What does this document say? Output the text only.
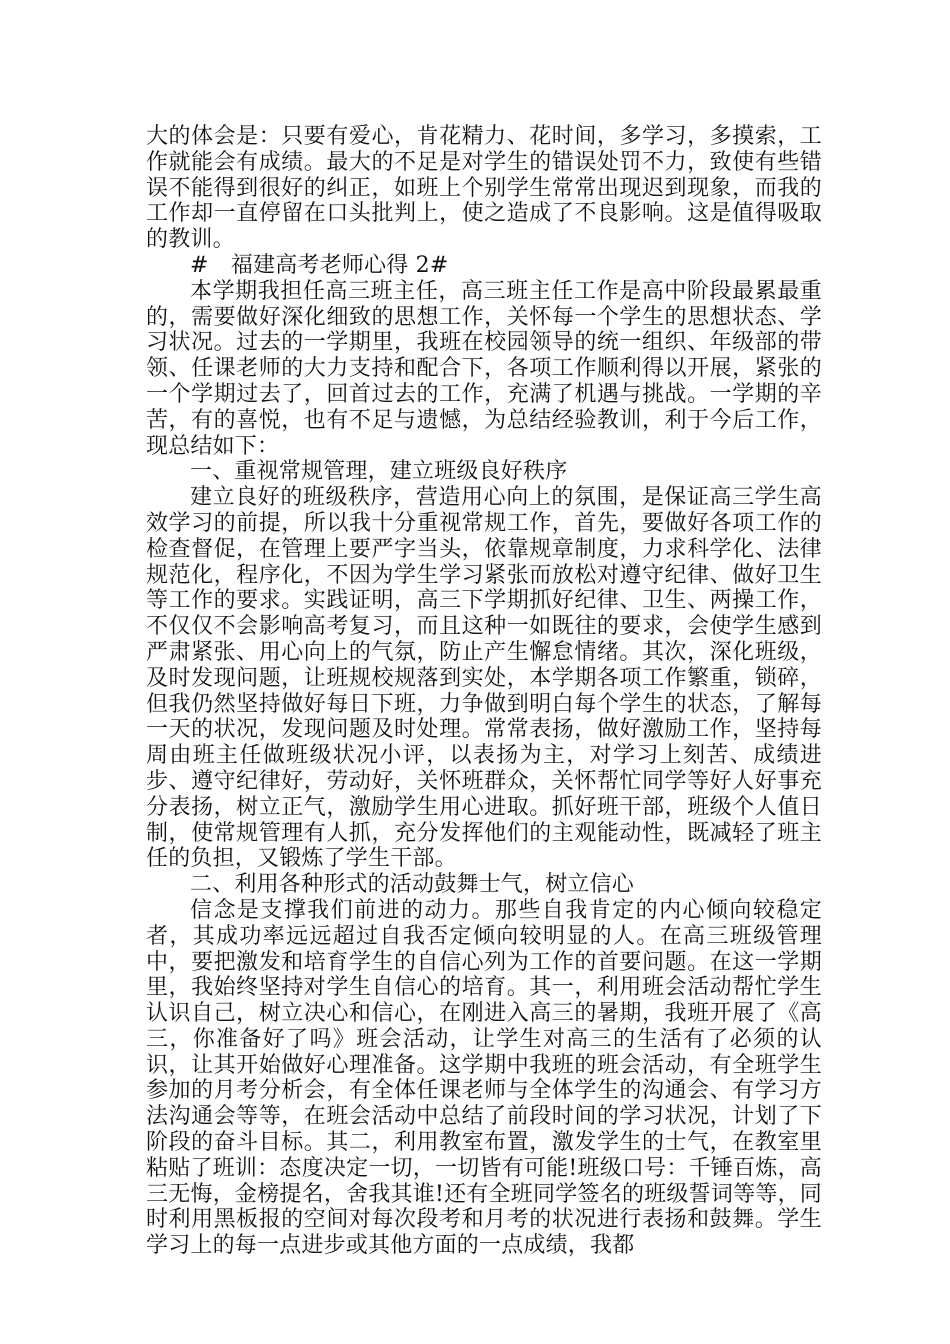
大的体会是：只要有爱心，肯花精力、花时间，多学习，多摸索，工作就能会有成绩。最大的不足是对学生的错误处罚不力，致使有些错误不能得到很好的纠正，如班上个别学生常常出现迟到现象，而我的工作却一直停留在口头批判上，使之造成了不良影响。这是值得吸取的教训。

#　福建高考老师心得 2#

本学期我担任高三班主任，高三班主任工作是高中阶段最累最重的，需要做好深化细致的思想工作，关怀每一个学生的思想状态、学习状况。过去的一学期里，我班在校园领导的统一组织、年级部的带领、任课老师的大力支持和配合下，各项工作顺利得以开展，紧张的一个学期过去了，回首过去的工作，充满了机遇与挑战。一学期的辛苦，有的喜悦，也有不足与遗憾，为总结经验教训，利于今后工作，现总结如下：

一、重视常规管理，建立班级良好秩序

建立良好的班级秩序，营造用心向上的氛围，是保证高三学生高效学习的前提，所以我十分重视常规工作，首先，要做好各项工作的检查督促，在管理上要严字当头，依靠规章制度，力求科学化、法律规范化，程序化，不因为学生学习紧张而放松对遵守纪律、做好卫生等工作的要求。实践证明，高三下学期抓好纪律、卫生、两操工作，不仅仅不会影响高考复习，而且这种一如既往的要求，会使学生感到严肃紧张、用心向上的气氛，防止产生懈怠情绪。其次，深化班级，及时发现问题，让班规校规落到实处，本学期各项工作繁重，锁碎，但我仍然坚持做好每日下班，力争做到明白每个学生的状态，了解每一天的状况，发现问题及时处理。常常表扬，做好激励工作，坚持每周由班主任做班级状况小评，以表扬为主，对学习上刻苦、成绩进步、遵守纪律好，劳动好，关怀班群众，关怀帮忙同学等好人好事充分表扬，树立正气，激励学生用心进取。抓好班干部，班级个人值日制，使常规管理有人抓，充分发挥他们的主观能动性，既减轻了班主任的负担，又锻炼了学生干部。

二、利用各种形式的活动鼓舞士气，树立信心

信念是支撑我们前进的动力。那些自我肯定的内心倾向较稳定者，其成功率远远超过自我否定倾向较明显的人。在高三班级管理中，要把激发和培育学生的自信心列为工作的首要问题。在这一学期里，我始终坚持对学生自信心的培育。其一，利用班会活动帮忙学生认识自己，树立决心和信心，在刚进入高三的暑期，我班开展了《高三，你准备好了吗》班会活动，让学生对高三的生活有了必须的认识，让其开始做好心理准备。这学期中我班的班会活动，有全班学生参加的月考分析会，有全体任课老师与全体学生的沟通会、有学习方法沟通会等等，在班会活动中总结了前段时间的学习状况，计划了下阶段的奋斗目标。其二，利用教室布置，激发学生的士气，在教室里粘贴了班训：态度决定一切，一切皆有可能!班级口号：千锤百炼，高三无悔，金榜提名，舍我其谁!还有全班同学签名的班级誓词等等，同时利用黑板报的空间对每次段考和月考的状况进行表扬和鼓舞。学生学习上的每一点进步或其他方面的一点成绩，我都
